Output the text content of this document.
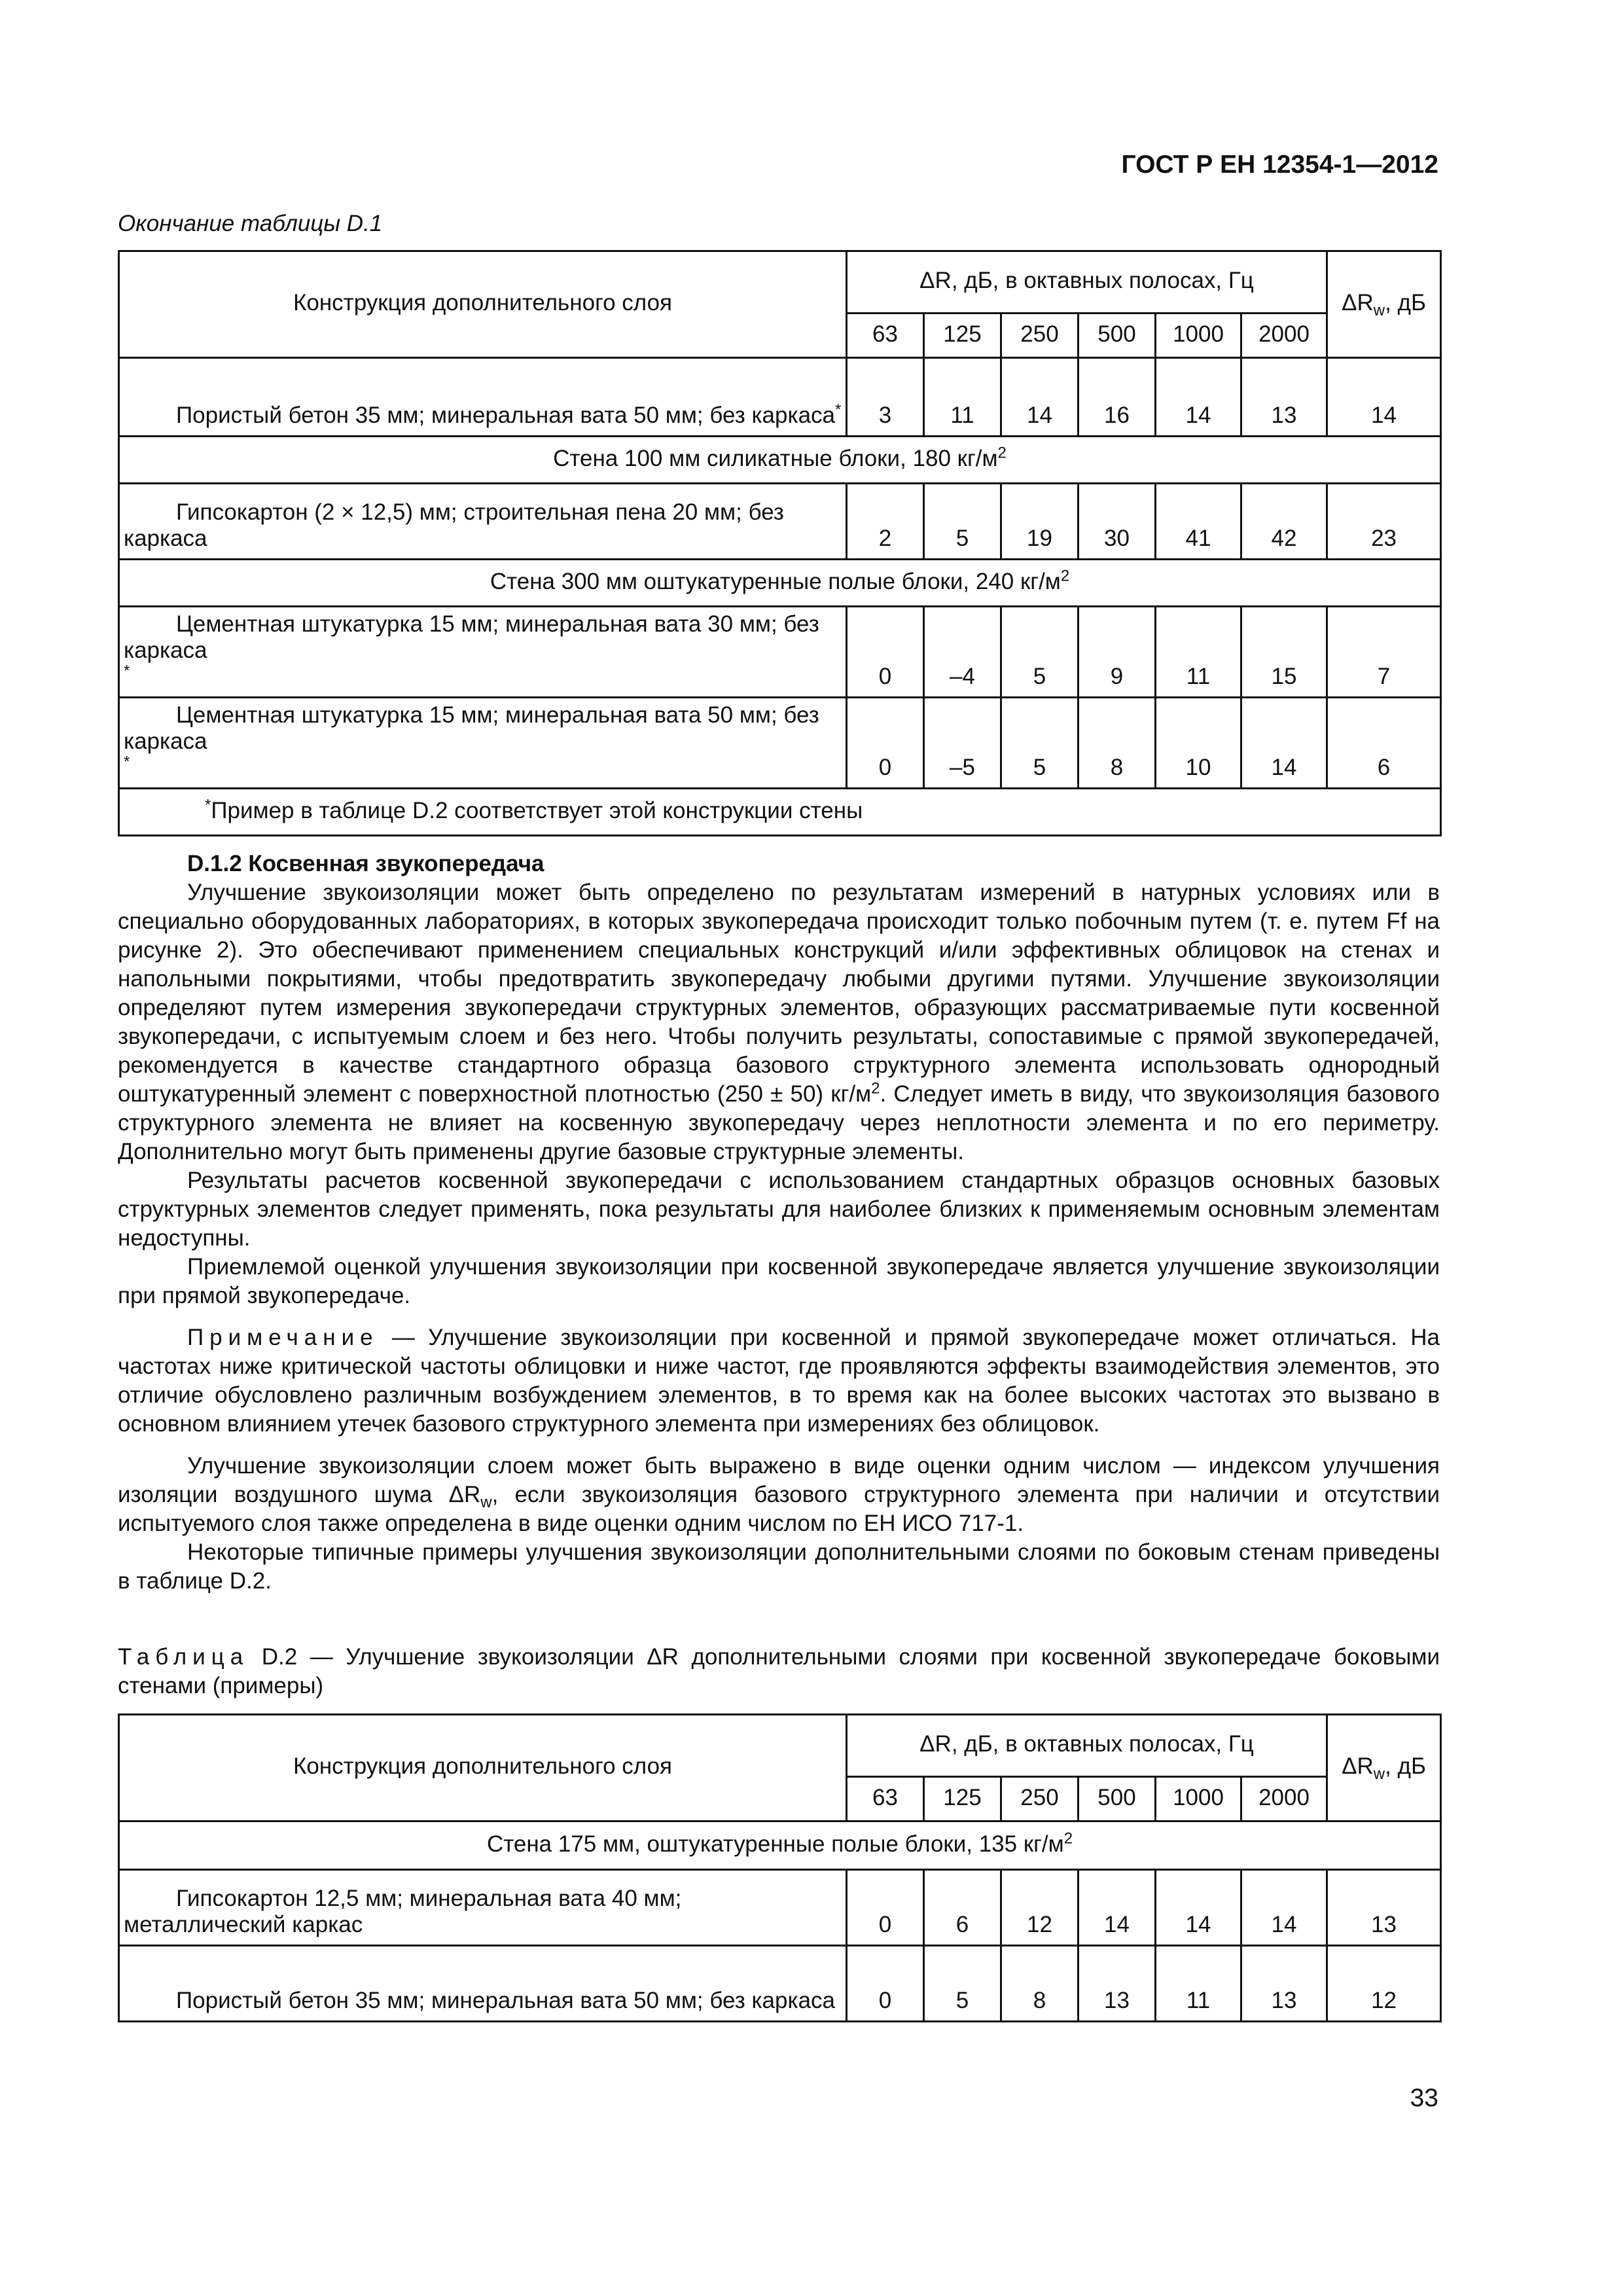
ГОСТ Р ЕН 12354-1—2012
Окончание таблицы D.1
Конструкция дополнительного слоя	ΔR, дБ, в октавных полосах, Гц						$\Delta R_w$, дБ
	63	125	250	500	1000	2000	
Пористый бетон 35 мм; минеральная вата 50 мм; без каркаса*	3	11	14	16	14	13	14
Стена 100 мм силикатные блоки, 180 $кг/м^2$
Гипсокартон (2 × 12,5) мм; строительная пена 20 мм; без каркаса	2	5	19	30	41	42	23
Стена 300 мм оштукатуренные полые блоки, 240 $кг/м^2$
Цементная штукатурка 15 мм; минеральная вата 30 мм; без каркаса*	0	–4	5	9	11	15	7
Цементная штукатурка 15 мм; минеральная вата 50 мм; без каркаса*	0	–5	5	8	10	14	6
*Пример в таблице D.2 соответствует этой конструкции стены							

D.1.2 Косвенная звукопередача

Улучшение звукоизоляции может быть определено по результатам измерений в натурных условиях или в специально оборудованных лабораториях, в которых звукопередача происходит только побочным путем (т. е. путем Ff на рисунке 2). Это обеспечивают применением специальных конструкций и/или эффективных облицовок на стенах и напольными покрытиями, чтобы предотвратить звукопередачу любыми другими путями. Улучшение звукоизоляции определяют путем измерения звукопередачи структурных элементов, образующих рассматриваемые пути косвенной звукопередачи, с испытуемым слоем и без него. Чтобы получить результаты, сопоставимые с прямой звукопередачей, рекомендуется в качестве стандартного образца базового структурного элемента использовать однородный оштукатуренный элемент с поверхностной плотностью (250 ± 50) $кг/м^2$. Следует иметь в виду, что звукоизоляция базового структурного элемента не влияет на косвенную звукопередачу через неплотности элемента и по его периметру. Дополнительно могут быть применены другие базовые структурные элементы.

Результаты расчетов косвенной звукопередачи с использованием стандартных образцов основных базовых структурных элементов следует применять, пока результаты для наиболее близких к применяемым основным элементам недоступны.

Приемлемой оценкой улучшения звукоизоляции при косвенной звукопередаче является улучшение звукоизоляции при прямой звукопередаче.

Примечание — Улучшение звукоизоляции при косвенной и прямой звукопередаче может отличаться. На частотах ниже критической частоты облицовки и ниже частот, где проявляются эффекты взаимодействия элементов, это отличие обусловлено различным возбуждением элементов, в то время как на более высоких частотах это вызвано в основном влиянием утечек базового структурного элемента при измерениях без облицовок.

Улучшение звукоизоляции слоем может быть выражено в виде оценки одним числом — индексом улучшения изоляции воздушного шума $\Delta R_w$, если звукоизоляция базового структурного элемента при наличии и отсутствии испытуемого слоя также определена в виде оценки одним числом по ЕН ИСО 717-1.

Некоторые типичные примеры улучшения звукоизоляции дополнительными слоями по боковым стенам приведены в таблице D.2.

Таблица D.2 — Улучшение звукоизоляции ΔR дополнительными слоями при косвенной звукопередаче боковыми стенами (примеры)
Конструкция дополнительного слоя	ΔR, дБ, в октавных полосах, Гц						$\Delta R_w$, дБ
	63	125	250	500	1000	2000	
Стена 175 мм, оштукатуренные полые блоки, 135 $кг/м^2$
Гипсокартон 12,5 мм; минеральная вата 40 мм; металлический каркас	0	6	12	14	14	14	13
Пористый бетон 35 мм; минеральная вата 50 мм; без каркаса	0	5	8	13	11	13	12
33
